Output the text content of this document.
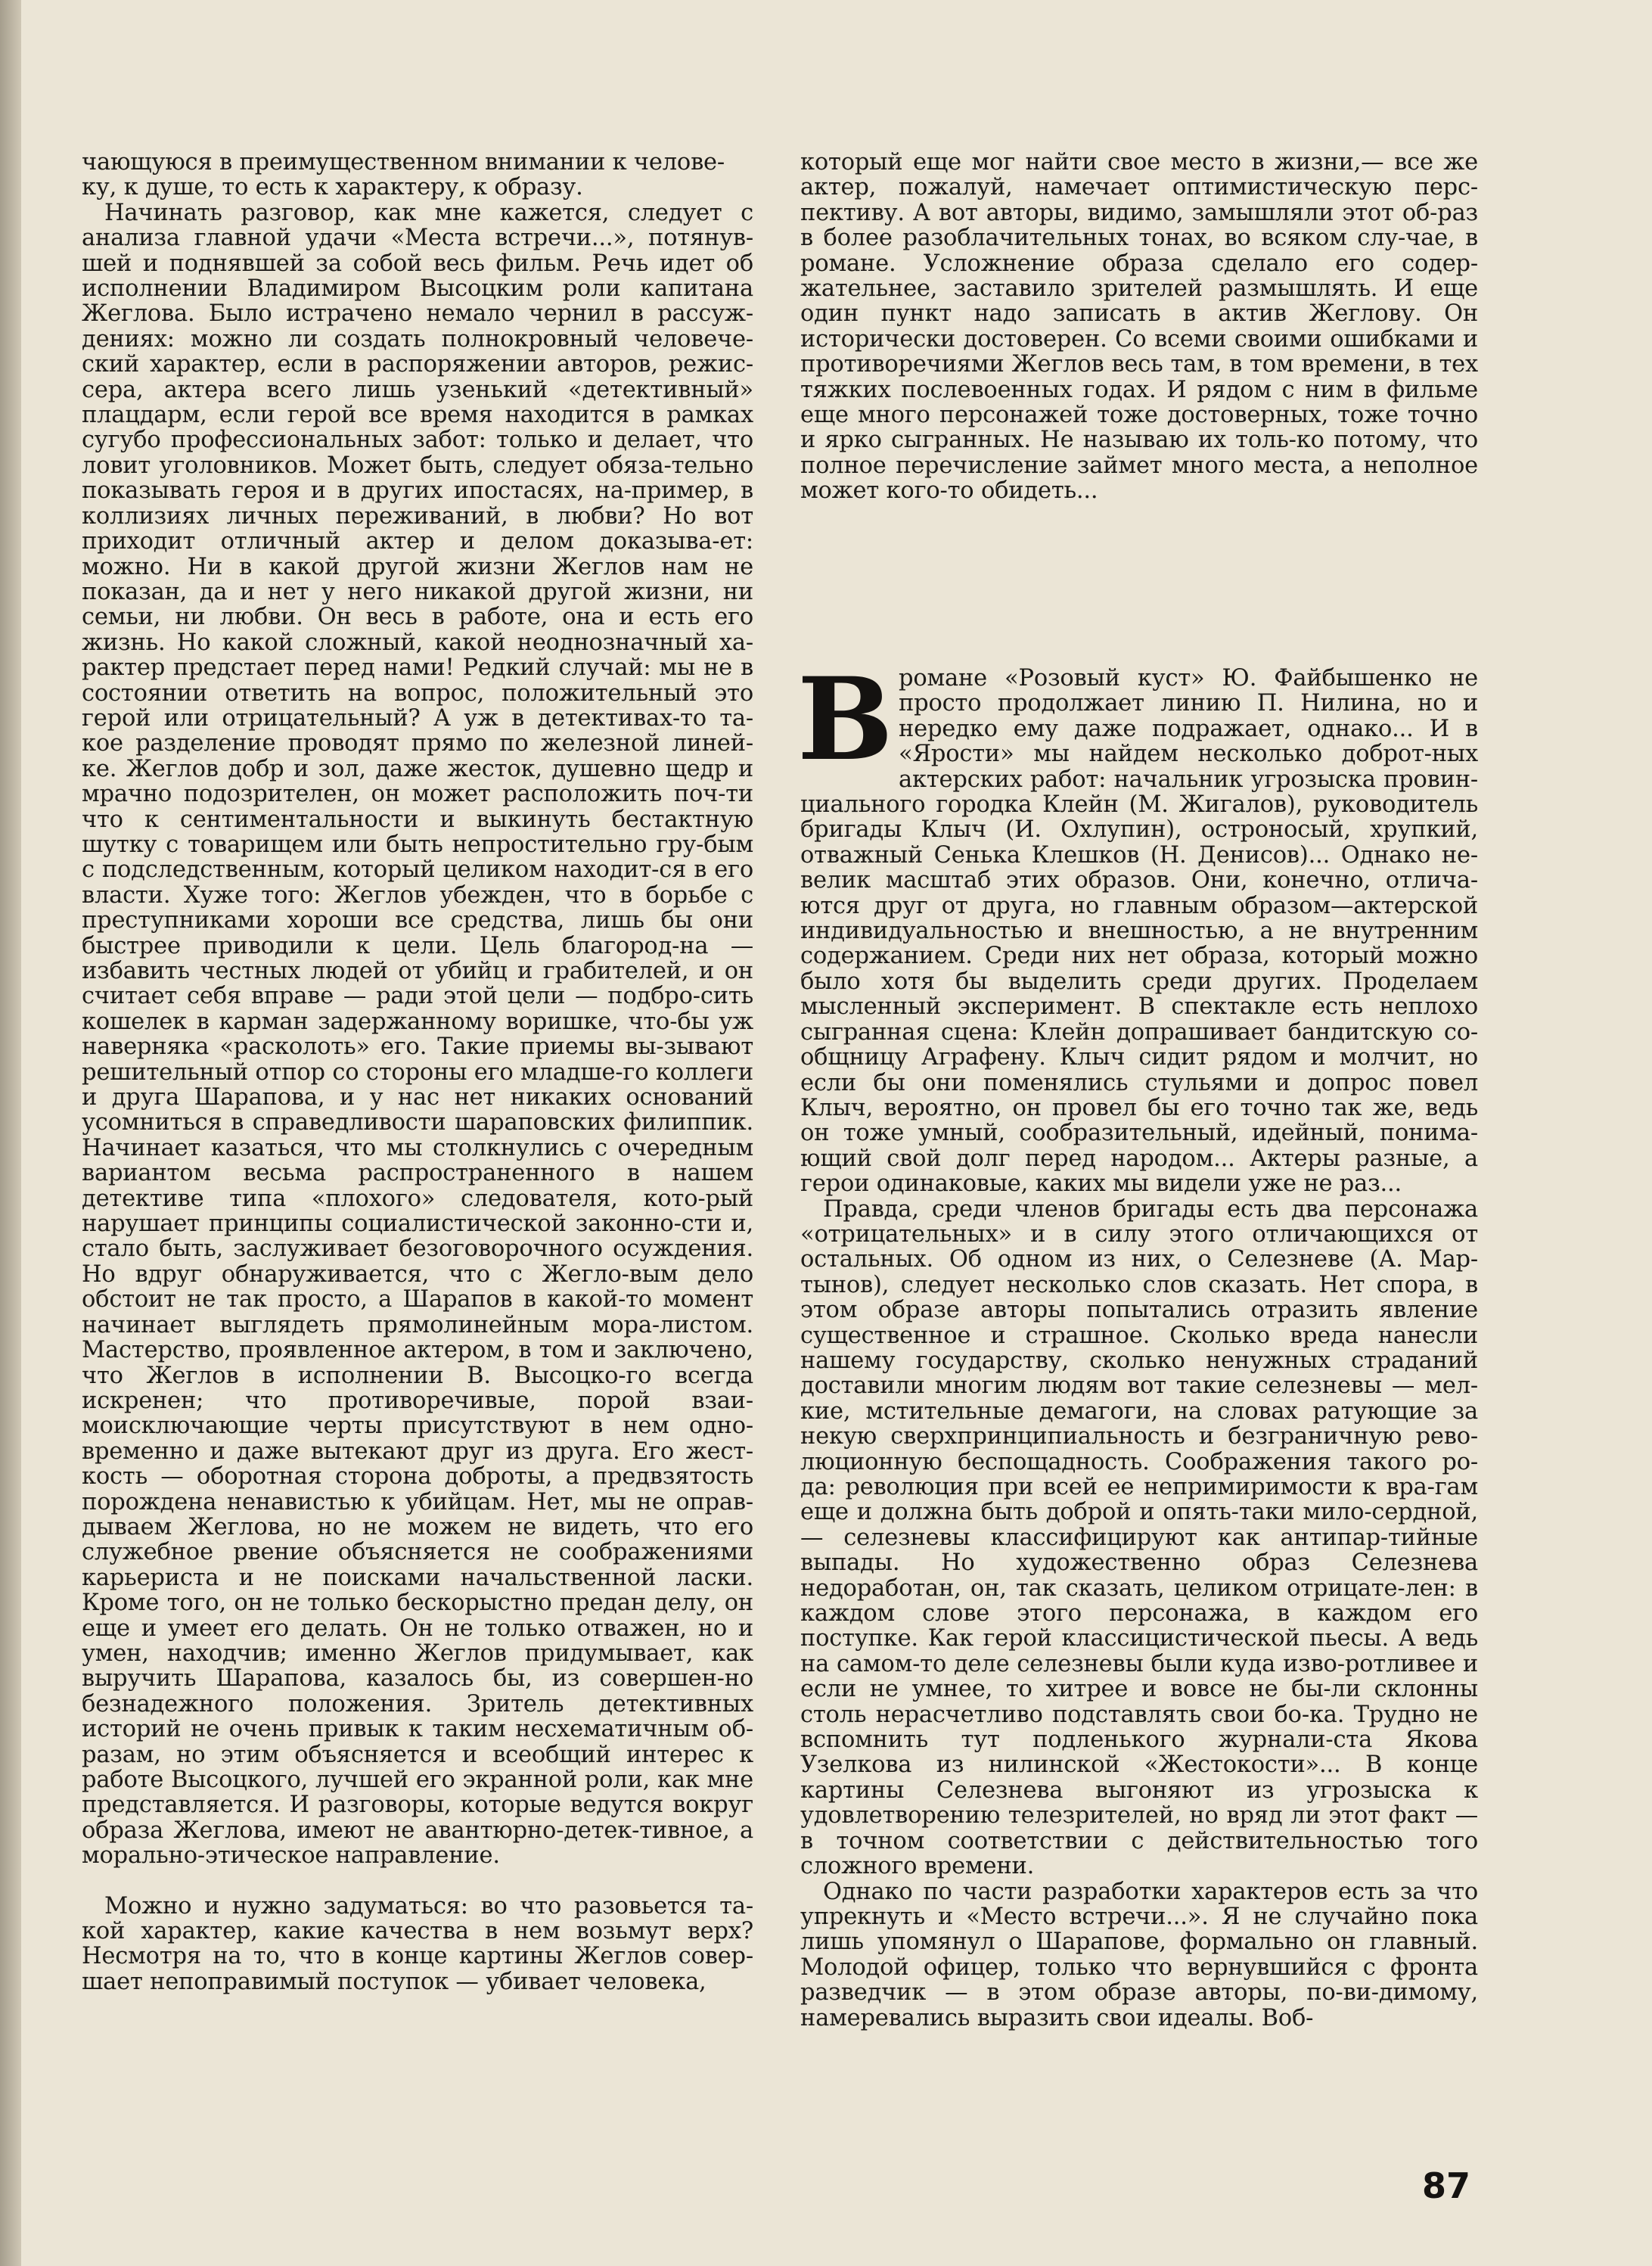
чающуюся в преимущественном внимании к челове-
ку, к душе, то есть к характеру, к образу.

Начинать разговор, как мне кажется, следует с анализа главной удачи «Места встречи...», потянув-шей и поднявшей за собой весь фильм. Речь идет об исполнении Владимиром Высоцким роли капитана Жеглова. Было истрачено немало чернил в рассуж-дениях: можно ли создать полнокровный человече-ский характер, если в распоряжении авторов, режис-сера, актера всего лишь узенький «детективный» плацдарм, если герой все время находится в рамках сугубо профессиональных забот: только и делает, что ловит уголовников. Может быть, следует обяза-тельно показывать героя и в других ипостасях, на-пример, в коллизиях личных переживаний, в любви? Но вот приходит отличный актер и делом доказыва-ет: можно. Ни в какой другой жизни Жеглов нам не показан, да и нет у него никакой другой жизни, ни семьи, ни любви. Он весь в работе, она и есть его жизнь. Но какой сложный, какой неоднозначный ха-рактер предстает перед нами! Редкий случай: мы не в состоянии ответить на вопрос, положительный это герой или отрицательный? А уж в детективах-то та-кое разделение проводят прямо по железной линей-ке. Жеглов добр и зол, даже жесток, душевно щедр и мрачно подозрителен, он может расположить поч-ти что к сентиментальности и выкинуть бестактную шутку с товарищем или быть непростительно гру-бым с подследственным, который целиком находит-ся в его власти. Хуже того: Жеглов убежден, что в борьбе с преступниками хороши все средства, лишь бы они быстрее приводили к цели. Цель благород-на — избавить честных людей от убийц и грабителей, и он считает себя вправе — ради этой цели — подбро-сить кошелек в карман задержанному воришке, что-бы уж наверняка «расколоть» его. Такие приемы вы-зывают решительный отпор со стороны его младше-го коллеги и друга Шарапова, и у нас нет никаких оснований усомниться в справедливости шараповских филиппик. Начинает казаться, что мы столкнулись с очередным вариантом весьма распространенного в нашем детективе типа «плохого» следователя, кото-рый нарушает принципы социалистической законно-сти и, стало быть, заслуживает безоговорочного осуждения. Но вдруг обнаруживается, что с Жегло-вым дело обстоит не так просто, а Шарапов в какой-то момент начинает выглядеть прямолинейным мора-листом. Мастерство, проявленное актером, в том и заключено, что Жеглов в исполнении В. Высоцко-го всегда искренен; что противоречивые, порой взаи-моисключающие черты присутствуют в нем одно-временно и даже вытекают друг из друга. Его жест-кость — оборотная сторона доброты, а предвзятость порождена ненавистью к убийцам. Нет, мы не оправ-дываем Жеглова, но не можем не видеть, что его служебное рвение объясняется не соображениями карьериста и не поисками начальственной ласки. Кроме того, он не только бескорыстно предан делу, он еще и умеет его делать. Он не только отважен, но и умен, находчив; именно Жеглов придумывает, как выручить Шарапова, казалось бы, из совершен-но безнадежного положения. Зритель детективных историй не очень привык к таким несхематичным об-разам, но этим объясняется и всеобщий интерес к работе Высоцкого, лучшей его экранной роли, как мне представляется. И разговоры, которые ведутся вокруг образа Жеглова, имеют не авантюрно-детек-тивное, а морально-этическое направление.

Можно и нужно задуматься: во что разовьется та-кой характер, какие качества в нем возьмут верх? Несмотря на то, что в конце картины Жеглов совер-шает непоправимый поступок — убивает человека,

который еще мог найти свое место в жизни,— все же актер, пожалуй, намечает оптимистическую перс-пективу. А вот авторы, видимо, замышляли этот об-раз в более разоблачительных тонах, во всяком слу-чае, в романе. Усложнение образа сделало его содер-жательнее, заставило зрителей размышлять. И еще один пункт надо записать в актив Жеглову. Он исторически достоверен. Со всеми своими ошибками и противоречиями Жеглов весь там, в том времени, в тех тяжких послевоенных годах. И рядом с ним в фильме еще много персонажей тоже достоверных, тоже точно и ярко сыгранных. Не называю их толь-ко потому, что полное перечисление займет много места, а неполное может кого-то обидеть...

В романе «Розовый куст» Ю. Файбышенко не просто продолжает линию П. Нилина, но и нередко ему даже подражает, однако... И в «Ярости» мы найдем несколько доброт-ных актерских работ: начальник угрозыска провин-циального городка Клейн (М. Жигалов), руководитель бригады Клыч (И. Охлупин), остроносый, хрупкий, отважный Сенька Клешков (Н. Денисов)... Однако не-велик масштаб этих образов. Они, конечно, отлича-ются друг от друга, но главным образом—актерской индивидуальностью и внешностью, а не внутренним содержанием. Среди них нет образа, который можно было хотя бы выделить среди других. Проделаем мысленный эксперимент. В спектакле есть неплохо сыгранная сцена: Клейн допрашивает бандитскую со-общницу Аграфену. Клыч сидит рядом и молчит, но если бы они поменялись стульями и допрос повел Клыч, вероятно, он провел бы его точно так же, ведь он тоже умный, сообразительный, идейный, понима-ющий свой долг перед народом... Актеры разные, а герои одинаковые, каких мы видели уже не раз...

Правда, среди членов бригады есть два персонажа «отрицательных» и в силу этого отличающихся от остальных. Об одном из них, о Селезневе (А. Мар-тынов), следует несколько слов сказать. Нет спора, в этом образе авторы попытались отразить явление существенное и страшное. Сколько вреда нанесли нашему государству, сколько ненужных страданий доставили многим людям вот такие селезневы — мел-кие, мстительные демагоги, на словах ратующие за некую сверхпринципиальность и безграничную рево-люционную беспощадность. Соображения такого ро-да: революция при всей ее непримиримости к вра-гам еще и должна быть доброй и опять-таки мило-сердной,— селезневы классифицируют как антипар-тийные выпады. Но художественно образ Селезнева недоработан, он, так сказать, целиком отрицате-лен: в каждом слове этого персонажа, в каждом его поступке. Как герой классицистической пьесы. А ведь на самом-то деле селезневы были куда изво-ротливее и если не умнее, то хитрее и вовсе не бы-ли склонны столь нерасчетливо подставлять свои бо-ка. Трудно не вспомнить тут подленького журнали-ста Якова Узелкова из нилинской «Жестокости»... В конце картины Селезнева выгоняют из угрозыска к удовлетворению телезрителей, но вряд ли этот факт — в точном соответствии с действительностью того сложного времени.

Однако по части разработки характеров есть за что упрекнуть и «Место встречи...». Я не случайно пока лишь упомянул о Шарапове, формально он главный. Молодой офицер, только что вернувшийся с фронта разведчик — в этом образе авторы, по-ви-димому, намеревались выразить свои идеалы. Воб-

87
